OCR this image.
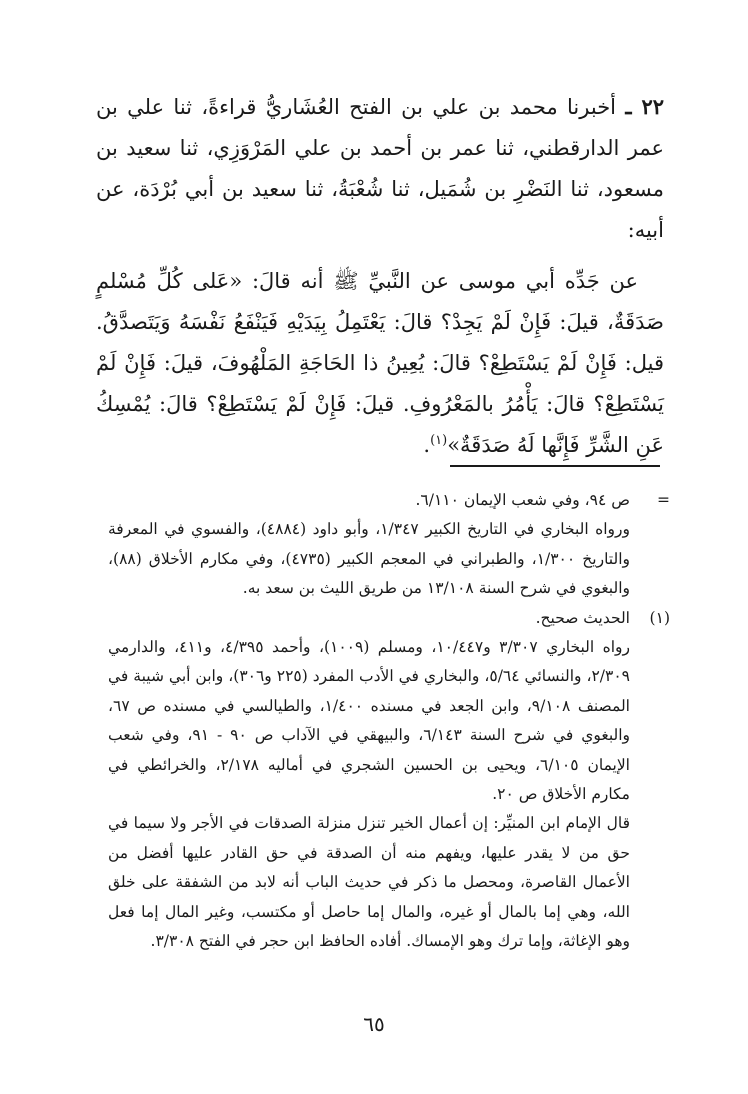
٢٢ ـ أخبرنا محمد بن علي بن الفتح العُشَاريُّ قراءةً، ثنا علي بن عمر الدارقطني، ثنا عمر بن أحمد بن علي المَرْوَزِي، ثنا سعيد بن مسعود، ثنا النَضْرِ بن شُمَيل، ثنا شُعْبَةُ، ثنا سعيد بن أبي بُرْدَة، عن أبيه:

عن جَدِّه أبي موسى عن النَّبيِّ ﷺ أنه قالَ: «عَلى كُلِّ مُسْلمٍ صَدَقَةٌ، قيلَ: فَإِنْ لَمْ يَجِدْ؟ قالَ: يَعْتَمِلُ بِيَدَيْهِ فَيَنْفَعُ نَفْسَهُ وَيَتَصدَّقُ. قيل: فَإِنْ لَمْ يَسْتَطِعْ؟ قالَ: يُعِينُ ذا الحَاجَةِ المَلْهُوفَ، قيلَ: فَإِنْ لَمْ يَسْتَطِعْ؟ قالَ: يَأْمُرُ بالمَعْرُوفِ. قيلَ: فَإِنْ لَمْ يَسْتَطِعْ؟ قالَ: يُمْسِكُ عَنِ الشَّرِّ فَإِنَّها لَهُ صَدَقَةٌ»$^{(١)}$.

=
ص ٩٤، وفي شعب الإيمان ٦/١١٠.
ورواه البخاري في التاريخ الكبير ١/٣٤٧، وأبو داود (٤٨٨٤)، والفسوي في المعرفة والتاريخ ١/٣٠٠، والطبراني في المعجم الكبير (٤٧٣٥)، وفي مكارم الأخلاق (٨٨)، والبغوي في شرح السنة ١٣/١٠٨ من طريق الليث بن سعد به.
(١)
الحديث صحيح.
رواه البخاري ٣/٣٠٧ و١٠/٤٤٧، ومسلم (١٠٠٩)، وأحمد ٤/٣٩٥، و٤١١، والدارمي ٢/٣٠٩، والنسائي ٥/٦٤، والبخاري في الأدب المفرد (٢٢٥ و٣٠٦)، وابن أبي شيبة في المصنف ٩/١٠٨، وابن الجعد في مسنده ١/٤٠٠، والطيالسي في مسنده ص ٦٧، والبغوي في شرح السنة ٦/١٤٣، والبيهقي في الآداب ص ٩٠ - ٩١، وفي شعب الإيمان ٦/١٠٥، ويحيى بن الحسين الشجري في أماليه ٢/١٧٨، والخرائطي في مكارم الأخلاق ص ٢٠.
قال الإمام ابن المنيِّر: إن أعمال الخير تنزل منزلة الصدقات في الأجر ولا سيما في حق من لا يقدر عليها، ويفهم منه أن الصدقة في حق القادر عليها أفضل من الأعمال القاصرة، ومحصل ما ذكر في حديث الباب أنه لابد من الشفقة على خلق الله، وهي إما بالمال أو غيره، والمال إما حاصل أو مكتسب، وغير المال إما فعل وهو الإغاثة، وإما ترك وهو الإمساك. أفاده الحافظ ابن حجر في الفتح ٣/٣٠٨.
٦٥
